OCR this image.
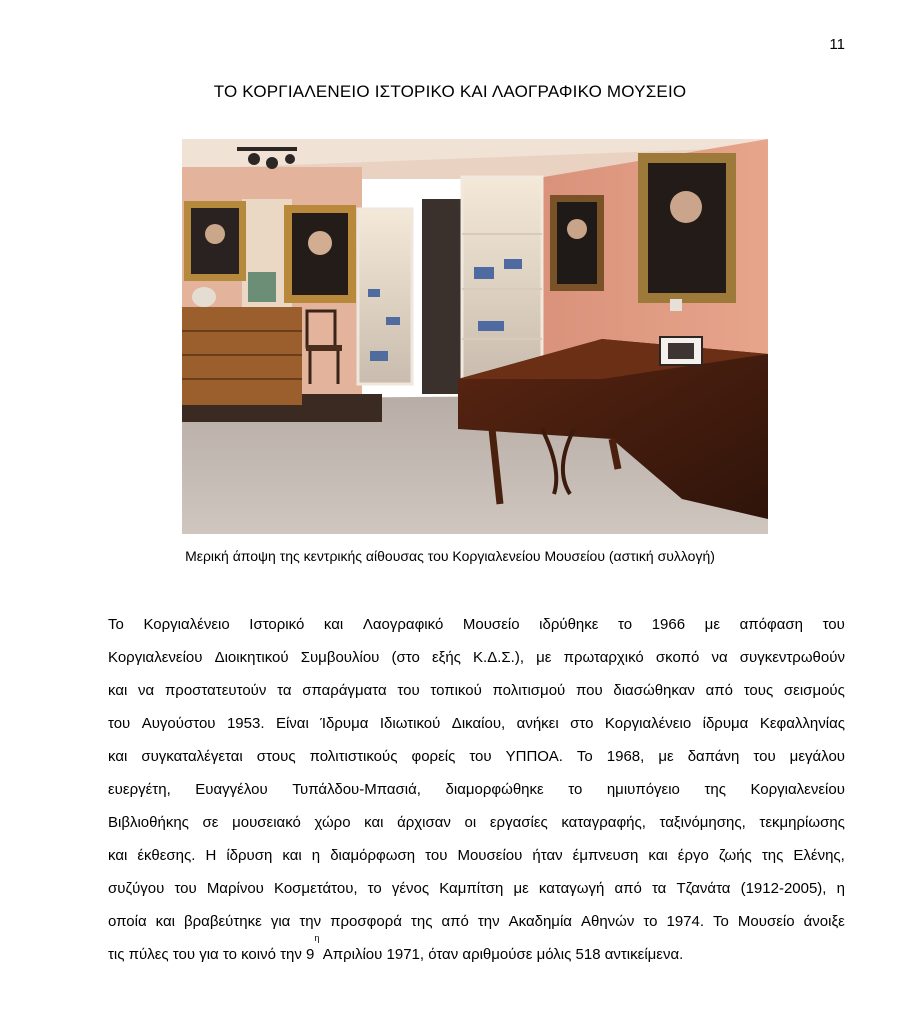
11
ΤΟ ΚΟΡΓΙΑΛΕΝΕΙΟ ΙΣΤΟΡΙΚΟ ΚΑΙ ΛΑΟΓΡΑΦΙΚΟ ΜΟΥΣΕΙΟ
Μερική άποψη της κεντρικής αίθουσας του Κοργιαλενείου Μουσείου (αστική συλλογή)
Το Κοργιαλένειο Ιστορικό και Λαογραφικό Μουσείο ιδρύθηκε το 1966 με απόφαση του
Κοργιαλενείου Διοικητικού Συμβουλίου (στο εξής Κ.Δ.Σ.), με πρωταρχικό σκοπό να συγκεντρωθούν
και να προστατευτούν τα σπαράγματα του τοπικού πολιτισμού που διασώθηκαν από τους σεισμούς
του Αυγούστου 1953. Είναι Ίδρυμα Ιδιωτικού Δικαίου, ανήκει στο Κοργιαλένειο ίδρυμα Κεφαλληνίας
και συγκαταλέγεται στους πολιτιστικούς φορείς του ΥΠΠΟΑ. Το 1968, με δαπάνη του μεγάλου
ευεργέτη, Ευαγγέλου Τυπάλδου-Μπασιά, διαμορφώθηκε το ημιυπόγειο της Κοργιαλενείου
Βιβλιοθήκης σε μουσειακό χώρο και άρχισαν οι εργασίες καταγραφής, ταξινόμησης, τεκμηρίωσης
και έκθεσης. Η ίδρυση και η διαμόρφωση του Μουσείου ήταν έμπνευση και έργο ζωής της Ελένης,
συζύγου του Μαρίνου Κοσμετάτου, το γένος Καμπίτση με καταγωγή από τα Τζανάτα (1912-2005), η
οποία και βραβεύτηκε για την προσφορά της από την Ακαδημία Αθηνών το 1974. Το Μουσείο άνοιξε
τις πύλες του για το κοινό την 9
η
Απριλίου 1971, όταν αριθμούσε μόλις 518 αντικείμενα.
